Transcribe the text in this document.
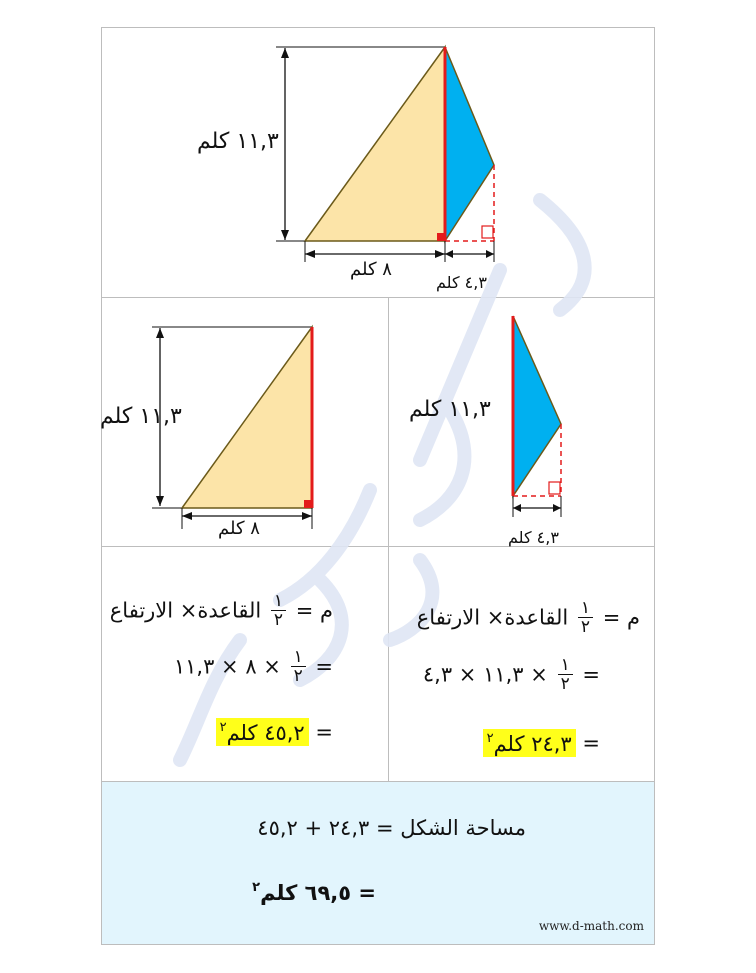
١١,٣ كلم
٨ كلم
٤,٣ كلم
١١,٣ كلم
٨ كلم
١١,٣ كلم
٤,٣ كلم
م =
$\frac{١}{٢}$
القاعدة× الارتفاع
=
$\frac{١}{٢}$
× ٨ × ١١,٣
= ٤٥,٢ كلم$^٢$
م =
$\frac{١}{٢}$
القاعدة× الارتفاع
=
$\frac{١}{٢}$
× ١١,٣ × ٤,٣
= ٢٤,٣ كلم$^٢$
مساحة الشكل = ٢٤,٣ + ٤٥,٢
= ٦٩,٥ كلم$^٢$
www.d-math.com
